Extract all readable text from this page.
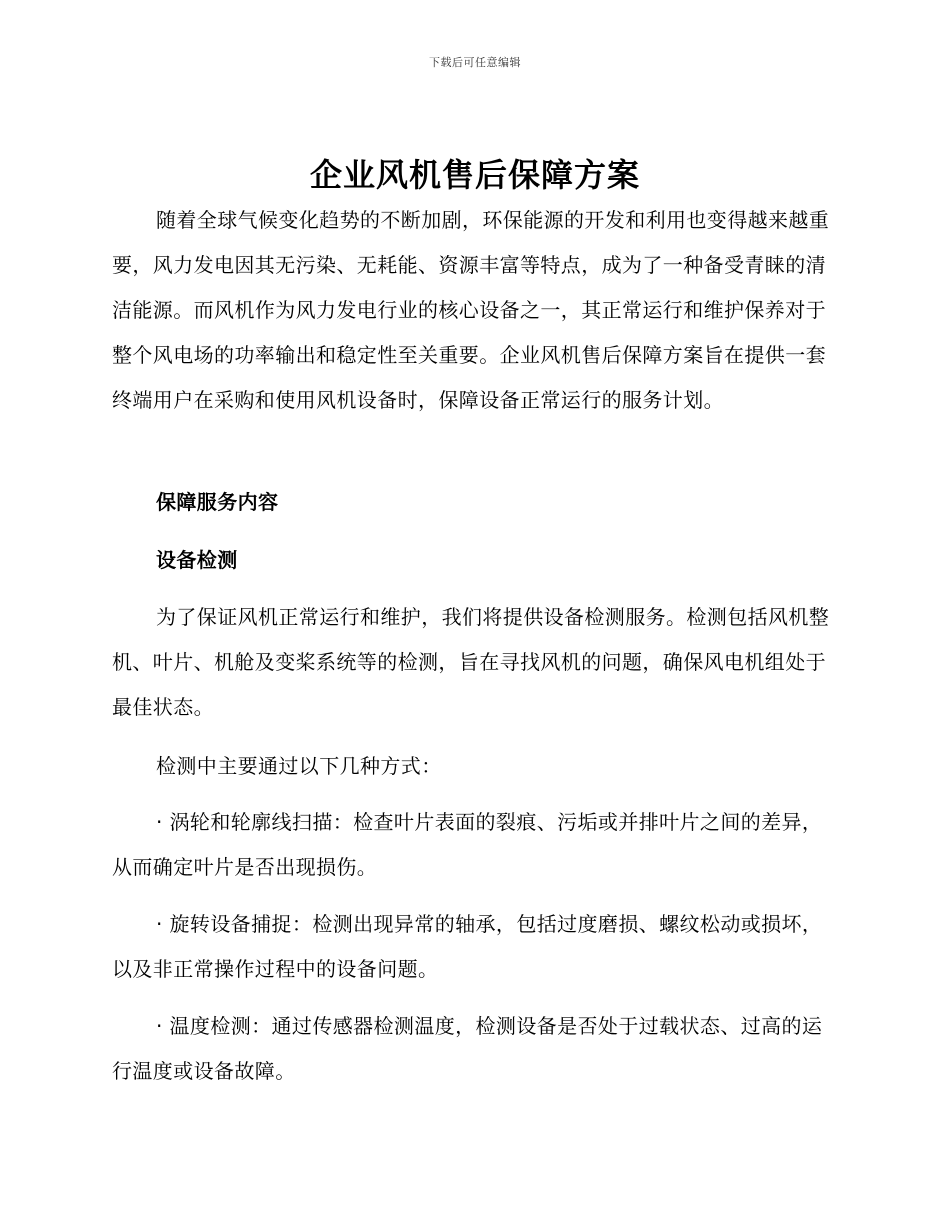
下载后可任意编辑
企业风机售后保障方案

随着全球气候变化趋势的不断加剧，环保能源的开发和利用也变得越来越重要，风力发电因其无污染、无耗能、资源丰富等特点，成为了一种备受青睐的清洁能源。而风机作为风力发电行业的核心设备之一，其正常运行和维护保养对于整个风电场的功率输出和稳定性至关重要。企业风机售后保障方案旨在提供一套终端用户在采购和使用风机设备时，保障设备正常运行的服务计划。

保障服务内容

设备检测

为了保证风机正常运行和维护，我们将提供设备检测服务。检测包括风机整机、叶片、机舱及变桨系统等的检测，旨在寻找风机的问题，确保风电机组处于最佳状态。

检测中主要通过以下几种方式：

· 涡轮和轮廓线扫描：检查叶片表面的裂痕、污垢或并排叶片之间的差异，从而确定叶片是否出现损伤。

· 旋转设备捕捉：检测出现异常的轴承，包括过度磨损、螺纹松动或损坏，以及非正常操作过程中的设备问题。

· 温度检测：通过传感器检测温度，检测设备是否处于过载状态、过高的运行温度或设备故障。
